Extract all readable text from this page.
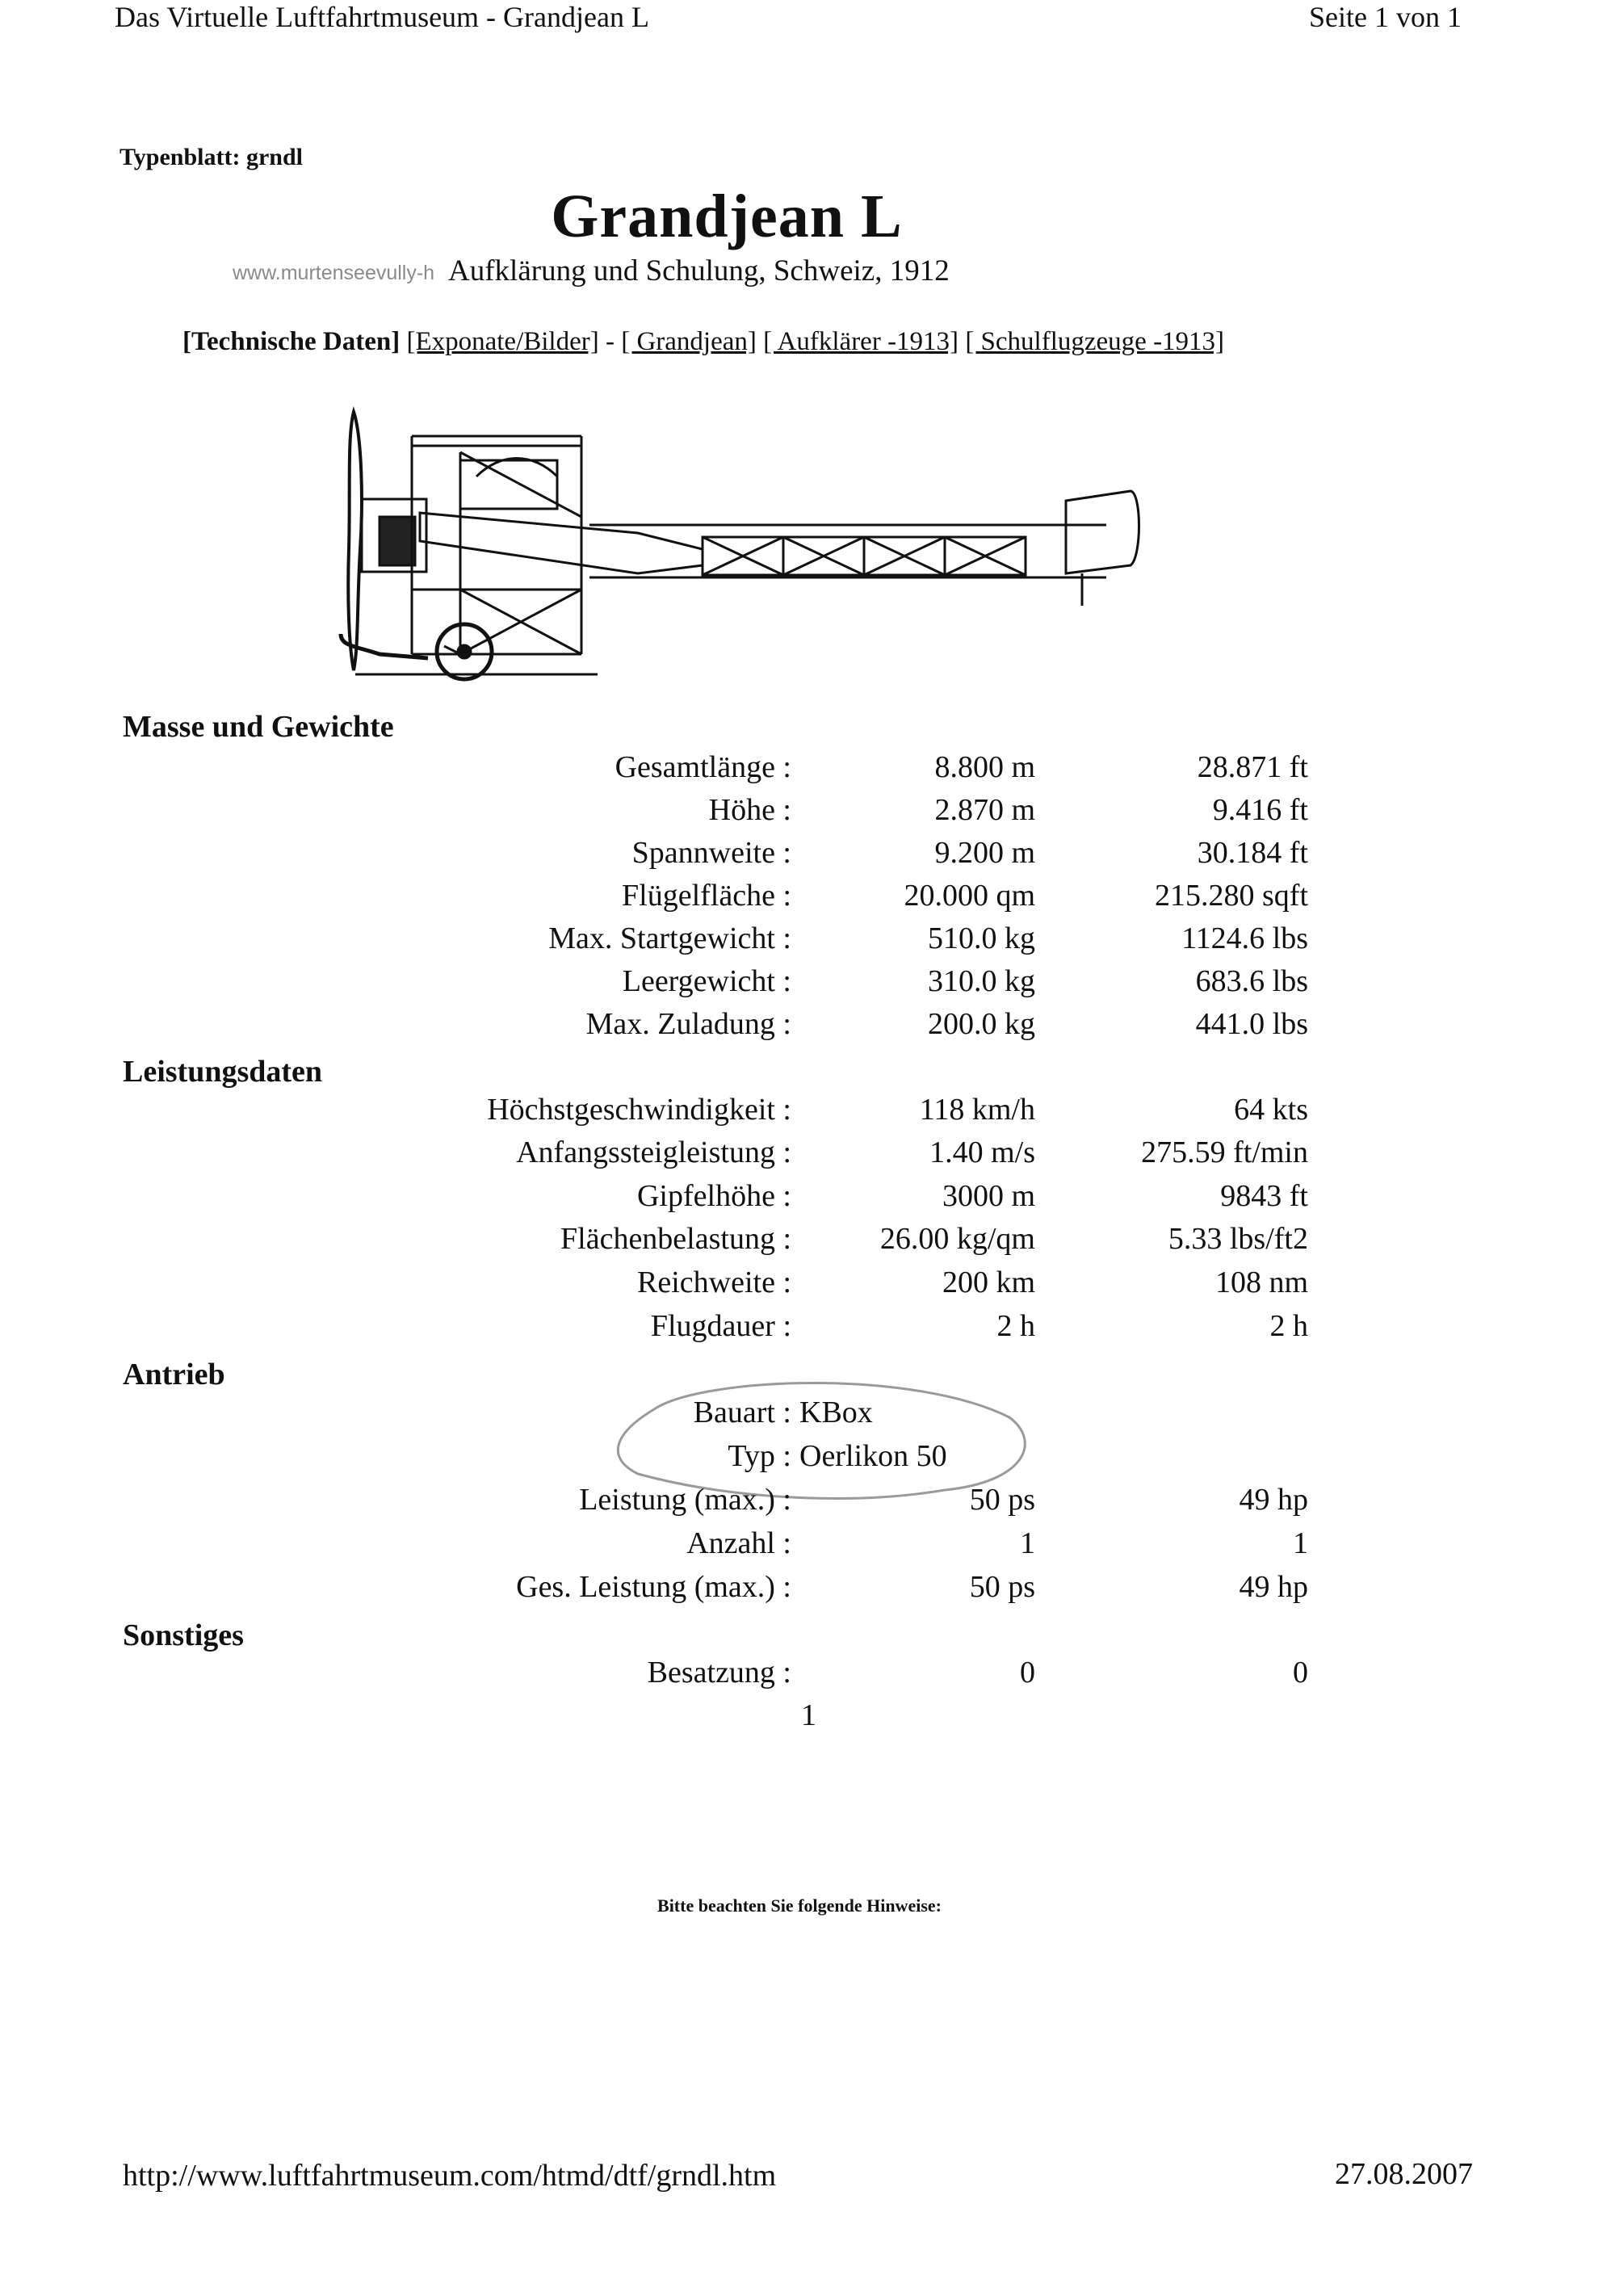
Das Virtuelle Luftfahrtmuseum - Grandjean L	Seite 1 von 1
Typenblatt: grndl
Grandjean L
www.murtenseevully-h Aufklärung und Schulung, Schweiz, 1912
[Technische Daten] [Exponate/Bilder] - [ Grandjean] [ Aufklärer -1913] [ Schulflugzeuge -1913]
Masse und Gewichte
Leistungsdaten
Antrieb
Sonstiges
Gesamtlänge :	8.800 m	28.871 ft
Höhe :	2.870 m	9.416 ft
Spannweite :	9.200 m	30.184 ft
Flügelfläche :	20.000 qm	215.280 sqft
Max. Startgewicht :	510.0 kg	1124.6 lbs
Leergewicht :	310.0 kg	683.6 lbs
Max. Zuladung :	200.0 kg	441.0 lbs
Höchstgeschwindigkeit :	118 km/h	64 kts
Anfangssteigleistung :	1.40 m/s	275.59 ft/min
Gipfelhöhe :	3000 m	9843 ft
Flächenbelastung :	26.00 kg/qm	5.33 lbs/ft2
Reichweite :	200 km	108 nm
Flugdauer :	2 h	2 h
Bauart : KBox
Typ : Oerlikon 50
Leistung (max.) :	50 ps	49 hp
Anzahl :	1	1
Ges. Leistung (max.) :	50 ps	49 hp
Besatzung :	0	0
1
Bitte beachten Sie folgende Hinweise:
http://www.luftfahrtmuseum.com/htmd/dtf/grndl.htm	27.08.2007
